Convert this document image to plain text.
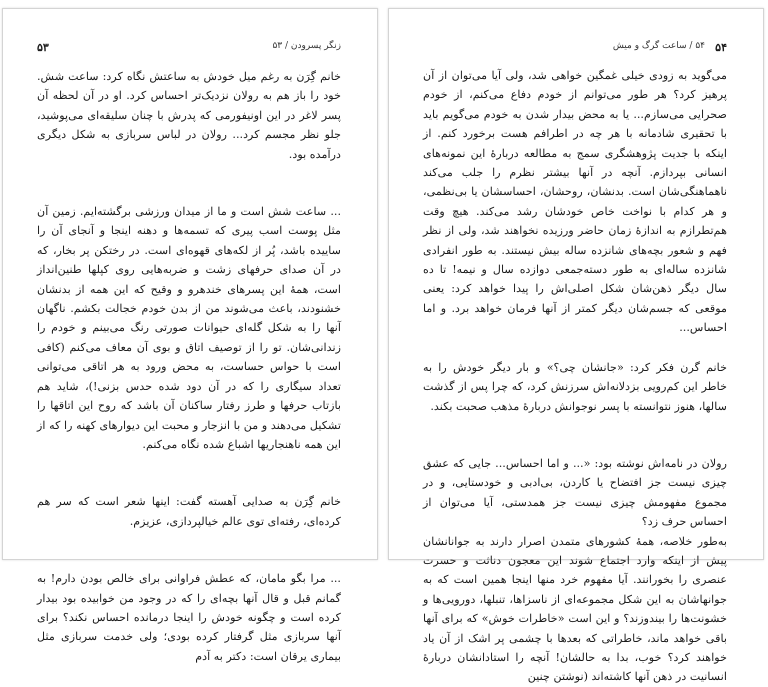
۵۳	زنگر پسرودن / ۵۳

خانم گِرَن به رغم میل خودش به ساعتش نگاه کرد: ساعت شش. خود را باز هم به رولان نزدیک‌تر احساس کرد. او در آن لحظه آن پسر لاغر در این اونیفورمی که پدرش با چنان سلیقه‌ای می‌پوشید، جلو نظر مجسم کرد... رولان در لباس سربازی به شکل دیگری درآمده بود.

... ساعت شش است و ما از میدان ورزشی برگشته‌ایم. زمین آن مثل پوست اسب پیری که تسمه‌ها و دهنه اینجا و آنجای آن را ساییده باشد، پُر از لکه‌های قهوه‌ای است. در رختکن پر بخار، که در آن صدای حرفهای زشت و ضربه‌هایی روی کپلها طنین‌انداز است، همهٔ این پسرهای خندهرو و وقیح که این همه از بدنشان خشنودند، باعث می‌شوند من از بدن خودم خجالت بکشم. ناگهان آنها را به شکل گله‌ای حیوانات صورتی رنگ می‌بینم و خودم را زندانی‌شان. تو را از توصیف اتاق و بوی آن معاف می‌کنم (کافی است با حواس حساست، به محض ورود به هر اتاقی می‌توانی تعداد سیگاری را که در آن دود شده حدس بزنی!)، شاید هم بازتاب حرفها و طرز رفتار ساکنان آن باشد که روح این اتاقها را تشکیل می‌دهند و من با انزجار و محبت این دیوارهای کهنه را که از این همه ناهنجاریها اشباع شده نگاه می‌کنم.

خانم گِرَن به صدایی آهسته گفت: اینها شعر است که سر هم کرده‌ای، رفته‌ای توی عالم خیالپردازی، عزیزم.

... مرا بگو مامان، که عطش فراوانی برای خالص بودن دارم! به گمانم قبل و قال آنها بچه‌ای را که در وجود من خوابیده بود بیدار کرده است و چگونه خودش را اینجا درمانده احساس نکند؟ برای آنها سربازی مثل گرفتار کرده بودی؛ ولی خدمت سربازی مثل بیماری یرقان است: دکتر به آدم

۵۴
۵۴ / ساعت گرگ و میش

می‌گوید به زودی خیلی غمگین خواهی شد، ولی آیا می‌توان از آن پرهیز کرد؟ هر طور می‌توانم از خودم دفاع می‌کنم، از خودم صحرایی می‌سازم... یا به محض بیدار شدن به خودم می‌گویم باید با تحقیری شادمانه با هر چه در اطرافم هست برخورد کنم. از اینکه با جدیت پژوهشگری سمج به مطالعه دربارهٔ این نمونه‌های انسانی بپردازم. آنچه در آنها بیشتر نظرم را جلب می‌کند ناهماهنگی‌شان است. بدنشان، روحشان، احساسشان یا بی‌نظمی، و هر کدام با نواخت خاص خودشان رشد می‌کند. هیچ وقت هم‌تطرازم به اندازهٔ زمان حاضر ورزیده نخواهند شد، ولی از نظر فهم و شعور بچه‌های شانزده ساله بیش نیستند. به طور انفرادی شانزده ساله‌ای به طور دسته‌جمعی دوازده سال و نیمه! تا ده سال دیگر ذهن‌شان شکل اصلی‌اش را پیدا خواهد کرد: یعنی موقعی که جسم‌شان دیگر کمتر از آنها فرمان خواهد برد. و اما احساس...

خانم گرن فکر کرد: «جانشان چی؟» و بار دیگر خودش را به خاطر این کم‌رویی بزدلانه‌اش سرزنش کرد، که چرا پس از گذشت سالها، هنوز نتوانسته با پسر نوجوانش دربارهٔ مذهب صحبت بکند.

رولان در نامه‌اش نوشته بود: «... و اما احساس... جایی که عشق چیزی نیست جز افتضاح یا کاردن، بی‌ادبی و خودستایی، و در مجموع مفهومش چیزی نیست جز همدستی، آیا می‌توان از احساس حرف زد؟

به‌طور خلاصه، همهٔ کشورهای متمدن اصرار دارند به جوانانشان پیش از اینکه وارد اجتماع شوند این معجون دناثت و حسرت عنصری را بخورانند. آیا مفهوم خرد منها اینجا همین است که به جوانهاشان به این شکل مجموعه‌ای از ناسزاها، تنبلها، دورویی‌ها و خشونت‌ها را بیندوزند؟ و این است «خاطرات خوش» که برای آنها باقی خواهد ماند، خاطراتی که بعدها با چشمی پر اشک از آن یاد خواهند کرد؟ خوب، بدا به حالشان! آنچه را استادانشان دربارهٔ انسانیت در ذهن آنها کاشته‌اند (نوشتن چنین
